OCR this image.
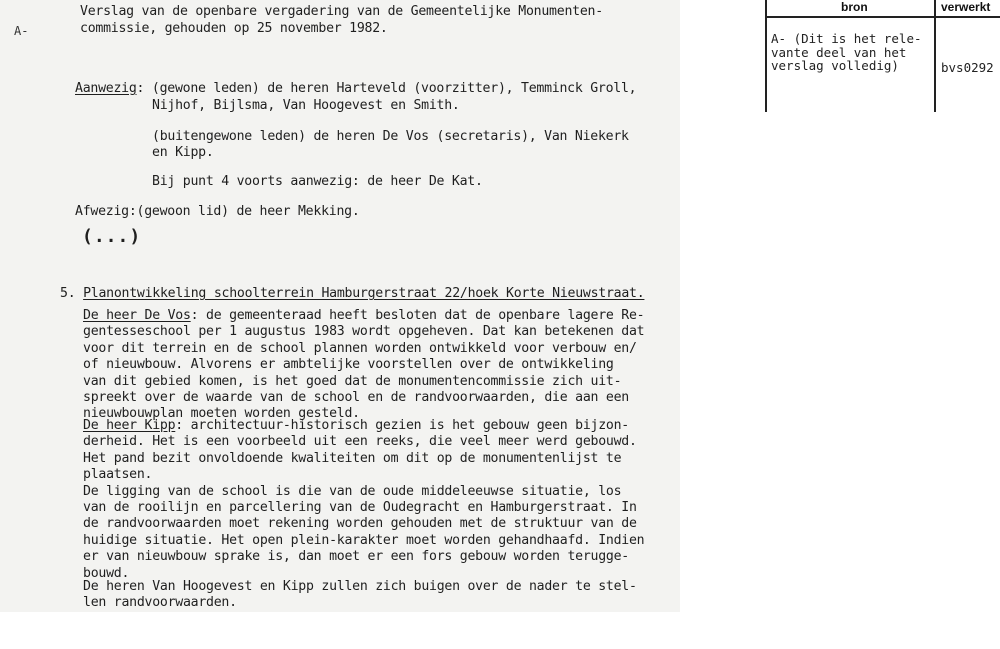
A-
Verslag van de openbare vergadering van de Gemeentelijke Monumenten-
commissie, gehouden op 25 november 1982.
Aanwezig: (gewone leden) de heren Harteveld (voorzitter), Temminck Groll,
Nijhof, Bijlsma, Van Hoogevest en Smith.
(buitengewone leden) de heren De Vos (secretaris), Van Niekerk
en Kipp.
Bij punt 4 voorts aanwezig: de heer De Kat.
Afwezig:(gewoon lid) de heer Mekking.
(...)
5. Planontwikkeling schoolterrein Hamburgerstraat 22/hoek Korte Nieuwstraat.
De heer De Vos: de gemeenteraad heeft besloten dat de openbare lagere Re-
gentesseschool per 1 augustus 1983 wordt opgeheven. Dat kan betekenen dat
voor dit terrein en de school plannen worden ontwikkeld voor verbouw en/
of nieuwbouw. Alvorens er ambtelijke voorstellen over de ontwikkeling
van dit gebied komen, is het goed dat de monumentencommissie zich uit-
spreekt over de waarde van de school en de randvoorwaarden, die aan een
nieuwbouwplan moeten worden gesteld.
De heer Kipp: architectuur-historisch gezien is het gebouw geen bijzon-
derheid. Het is een voorbeeld uit een reeks, die veel meer werd gebouwd.
Het pand bezit onvoldoende kwaliteiten om dit op de monumentenlijst te
plaatsen.
De ligging van de school is die van de oude middeleeuwse situatie, los
van de rooilijn en parcellering van de Oudegracht en Hamburgerstraat. In
de randvoorwaarden moet rekening worden gehouden met de struktuur van de
huidige situatie. Het open plein-karakter moet worden gehandhaafd. Indien
er van nieuwbouw sprake is, dan moet er een fors gebouw worden terugge-
bouwd.
De heren Van Hoogevest en Kipp zullen zich buigen over de nader te stel-
len randvoorwaarden.
bron	verwerkt
A- (Dit is het rele-
vante deel van het
verslag volledig)	bvs0292
